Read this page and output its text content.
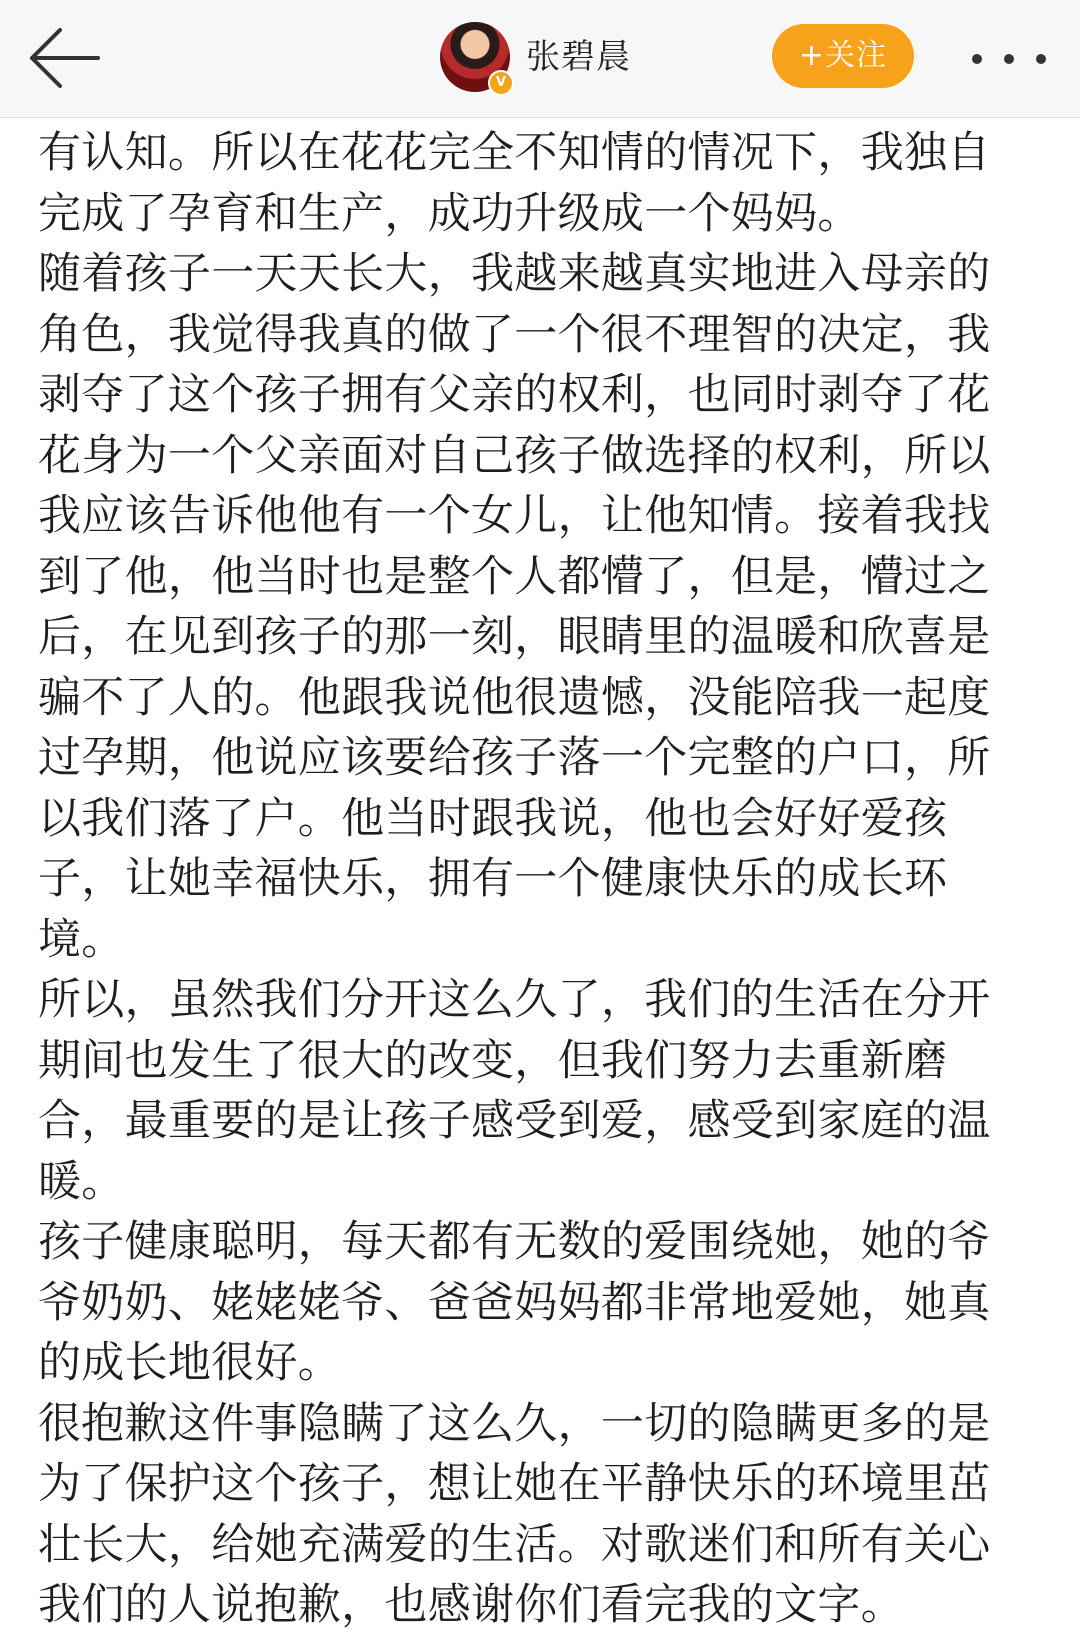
V
张碧晨	+关注
有认知。所以在花花完全不知情的情况下，我独自
完成了孕育和生产，成功升级成一个妈妈。
随着孩子一天天长大，我越来越真实地进入母亲的
角色，我觉得我真的做了一个很不理智的决定，我
剥夺了这个孩子拥有父亲的权利，也同时剥夺了花
花身为一个父亲面对自己孩子做选择的权利，所以
我应该告诉他他有一个女儿，让他知情。接着我找
到了他，他当时也是整个人都懵了，但是，懵过之
后，在见到孩子的那一刻，眼睛里的温暖和欣喜是
骗不了人的。他跟我说他很遗憾，没能陪我一起度
过孕期，他说应该要给孩子落一个完整的户口，所
以我们落了户。他当时跟我说，他也会好好爱孩
子，让她幸福快乐，拥有一个健康快乐的成长环
境。
所以，虽然我们分开这么久了，我们的生活在分开
期间也发生了很大的改变，但我们努力去重新磨
合，最重要的是让孩子感受到爱，感受到家庭的温
暖。
孩子健康聪明，每天都有无数的爱围绕她，她的爷
爷奶奶、姥姥姥爷、爸爸妈妈都非常地爱她，她真
的成长地很好。
很抱歉这件事隐瞒了这么久，一切的隐瞒更多的是
为了保护这个孩子，想让她在平静快乐的环境里茁
壮长大，给她充满爱的生活。对歌迷们和所有关心
我们的人说抱歉，也感谢你们看完我的文字。
